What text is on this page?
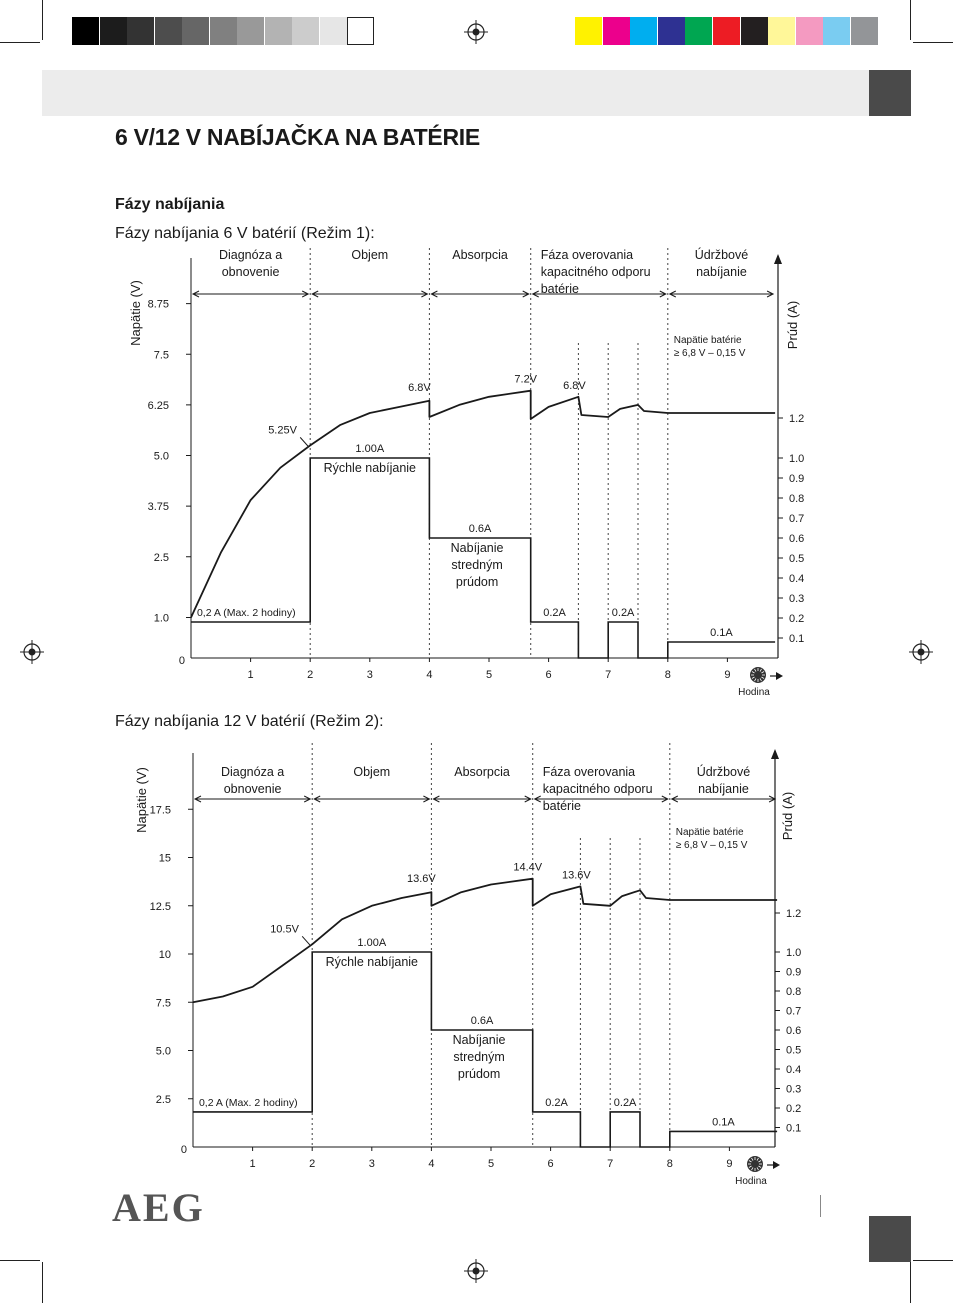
6 V/12 V NABÍJAČKA NA BATÉRIE
Fázy nabíjania
Fázy nabíjania 6 V batérií (Režim 1):
1	2	3	4	5	6	7	8	9
Hodina
0
1.0
2.5
3.75
5.0
6.25
7.5
8.75
Napätie (V)
0.1
0.2
0.3
0.4
0.5
0.6
0.7
0.8
0.9
1.0
1.2
Prúd (A)
Diagnóza a
obnovenie
Objem	Absorpcia	Fáza overovania
kapacitného odporu
batérie
Údržbové
nabíjanie
5.25V
6.8V
7.2V
6.8V
Napätie batérie
≥ 6,8 V – 0,15 V
1.00A
Rýchle nabíjanie
0.6A
Nabíjanie
stredným
prúdom
0,2 A (Max. 2 hodiny)	0.2A	0.2A
0.1A
Fázy nabíjania 12 V batérií (Režim 2):
1	2	3	4	5	6	7	8	9
Hodina
0
2.5
5.0
7.5
10
12.5
15
17.5
Napätie (V)
0.1
0.2
0.3
0.4
0.5
0.6
0.7
0.8
0.9
1.0
1.2
Prúd (A)
Diagnóza a
obnovenie
Objem	Absorpcia	Fáza overovania
kapacitného odporu
batérie
Údržbové
nabíjanie
10.5V
13.6V
14.4V
13.6V
Napätie batérie
≥ 6,8 V – 0,15 V
1.00A
Rýchle nabíjanie
0.6A
Nabíjanie
stredným
prúdom
0,2 A (Max. 2 hodiny)	0.2A	0.2A
0.1A
AEG
